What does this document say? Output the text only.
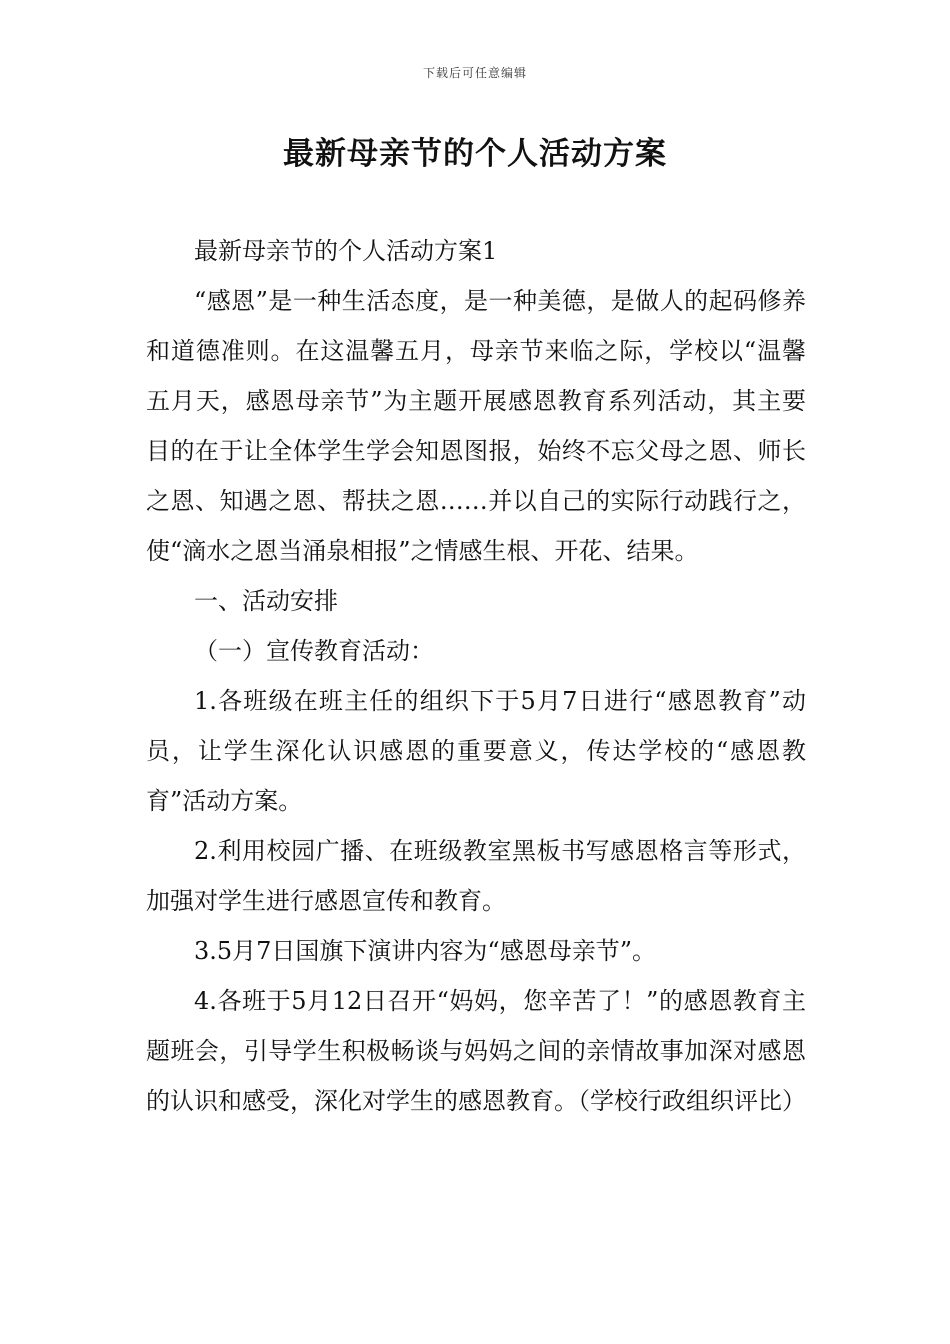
下载后可任意编辑
最新母亲节的个人活动方案

最新母亲节的个人活动方案1

“感恩”是一种生活态度，是一种美德，是做人的起码修养和道德准则。在这温馨五月，母亲节来临之际，学校以“温馨五月天，感恩母亲节”为主题开展感恩教育系列活动，其主要目的在于让全体学生学会知恩图报，始终不忘父母之恩、师长之恩、知遇之恩、帮扶之恩……并以自己的实际行动践行之，使“滴水之恩当涌泉相报”之情感生根、开花、结果。

一、活动安排

（一）宣传教育活动：

1.各班级在班主任的组织下于5月7日进行“感恩教育”动员，让学生深化认识感恩的重要意义，传达学校的“感恩教育”活动方案。

2.利用校园广播、在班级教室黑板书写感恩格言等形式，加强对学生进行感恩宣传和教育。

3.5月7日国旗下演讲内容为“感恩母亲节”。

4.各班于5月12日召开“妈妈，您辛苦了！”的感恩教育主题班会，引导学生积极畅谈与妈妈之间的亲情故事加深对感恩的认识和感受，深化对学生的感恩教育。（学校行政组织评比）
